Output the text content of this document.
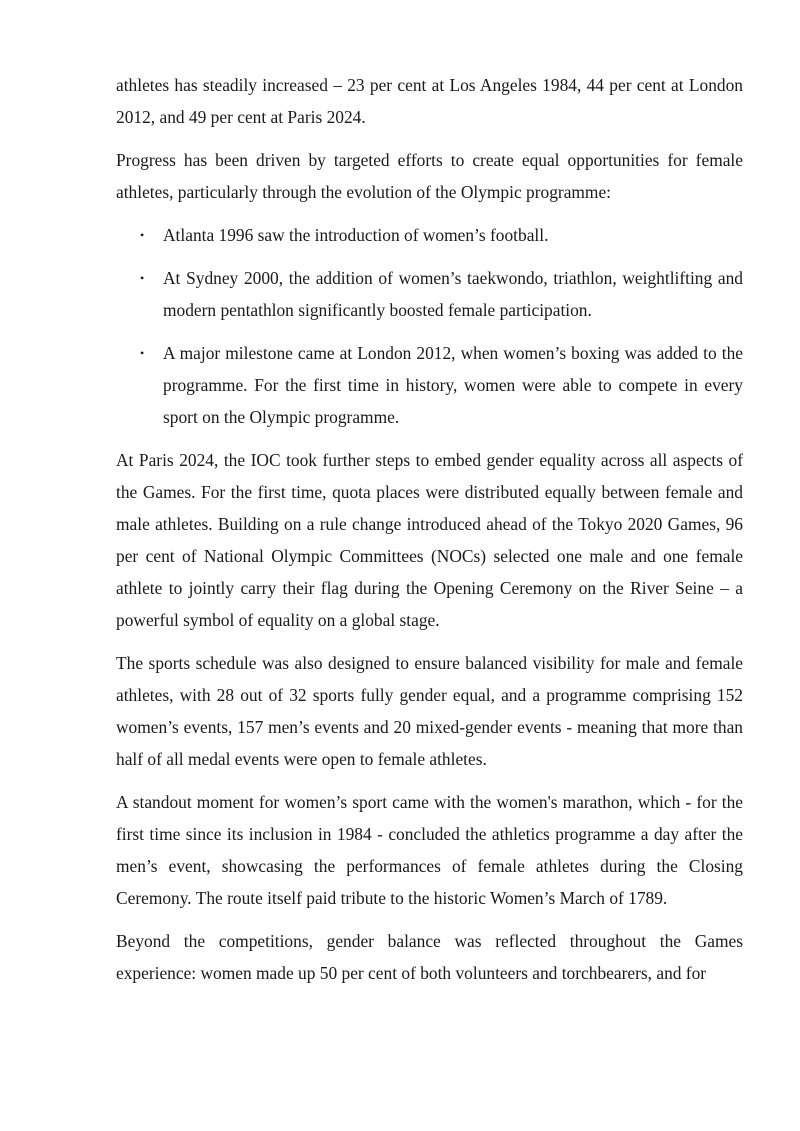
athletes has steadily increased – 23 per cent at Los Angeles 1984, 44 per cent at London 2012, and 49 per cent at Paris 2024.

Progress has been driven by targeted efforts to create equal opportunities for female athletes, particularly through the evolution of the Olympic programme:

• Atlanta 1996 saw the introduction of women’s football.
• At Sydney 2000, the addition of women’s taekwondo, triathlon, weightlifting and modern pentathlon significantly boosted female participation.
• A major milestone came at London 2012, when women’s boxing was added to the programme. For the first time in history, women were able to compete in every sport on the Olympic programme.

At Paris 2024, the IOC took further steps to embed gender equality across all aspects of the Games. For the first time, quota places were distributed equally between female and male athletes. Building on a rule change introduced ahead of the Tokyo 2020 Games, 96 per cent of National Olympic Committees (NOCs) selected one male and one female athlete to jointly carry their flag during the Opening Ceremony on the River Seine – a powerful symbol of equality on a global stage.

The sports schedule was also designed to ensure balanced visibility for male and female athletes, with 28 out of 32 sports fully gender equal, and a programme comprising 152 women’s events, 157 men’s events and 20 mixed-gender events - meaning that more than half of all medal events were open to female athletes.

A standout moment for women’s sport came with the women's marathon, which - for the first time since its inclusion in 1984 - concluded the athletics programme a day after the men’s event, showcasing the performances of female athletes during the Closing Ceremony. The route itself paid tribute to the historic Women’s March of 1789.

Beyond the competitions, gender balance was reflected throughout the Games experience: women made up 50 per cent of both volunteers and torchbearers, and for
